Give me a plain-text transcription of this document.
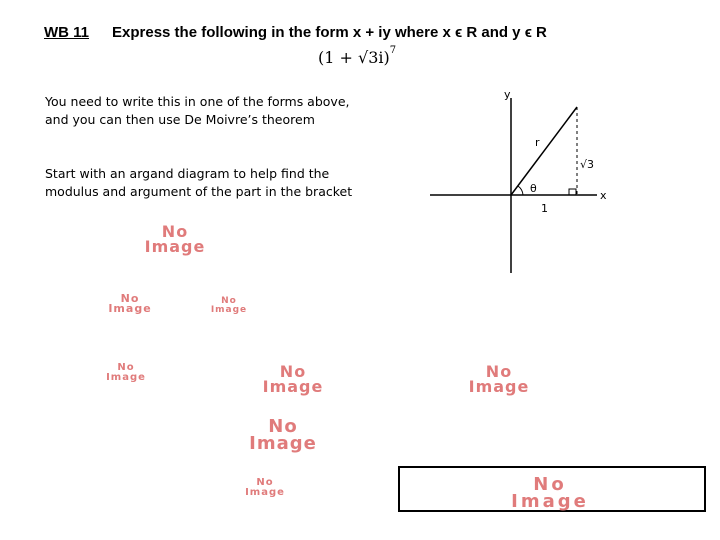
WB 11 Express the following in the form x + iy where x ϵ R and y ϵ R
$(1 + √3i)^7$
You need to write this in one of the forms above,
and you can then use De Moivre’s theorem
Start with an argand diagram to help find the
modulus and argument of the part in the bracket
y
x
r
√3
1
θ
No
Image
No
Image
No
Image
No
Image	No
Image
No
Image
No
Image
No
Image	No
Image
